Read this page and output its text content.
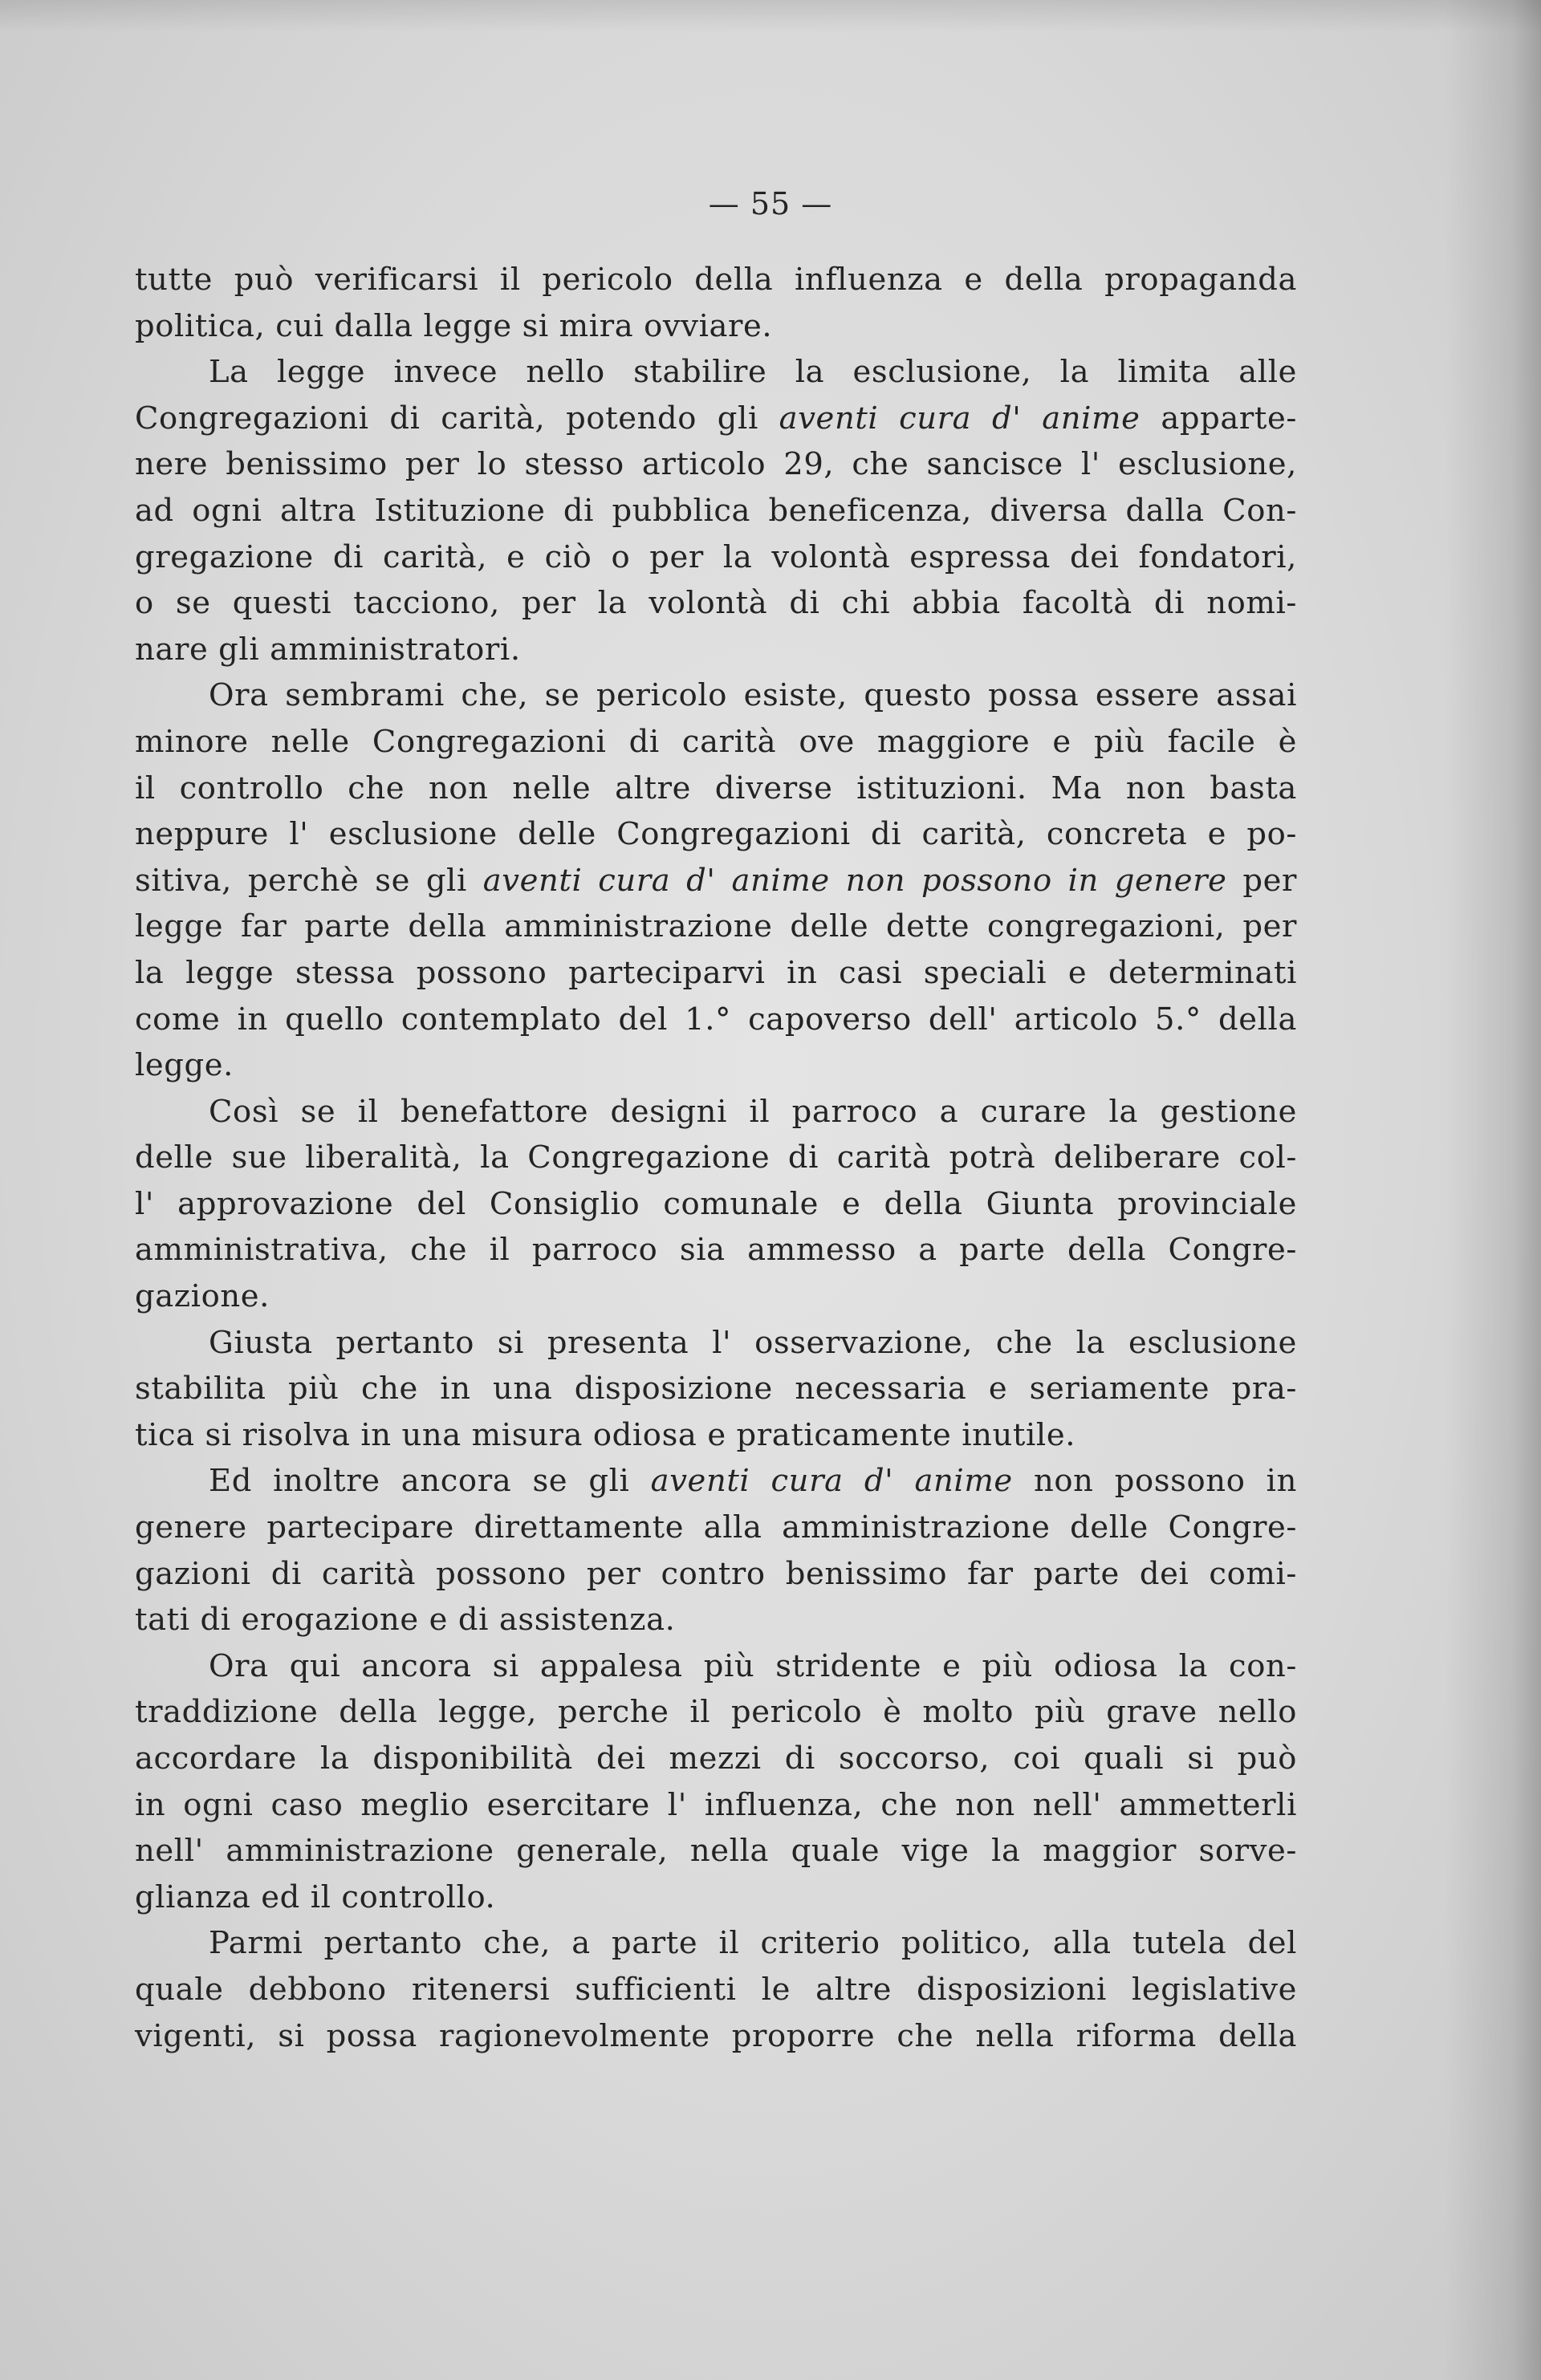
— 55 —
tutte può verificarsi il pericolo della influenza e della propaganda
politica, cui dalla legge si mira ovviare.
La legge invece nello stabilire la esclusione, la limita alle
Congregazioni di carità, potendo gli aventi cura d' anime apparte-
nere benissimo per lo stesso articolo 29, che sancisce l' esclusione,
ad ogni altra Istituzione di pubblica beneficenza, diversa dalla Con-
gregazione di carità, e ciò o per la volontà espressa dei fondatori,
o se questi tacciono, per la volontà di chi abbia facoltà di nomi-
nare gli amministratori.
Ora sembrami che, se pericolo esiste, questo possa essere assai
minore nelle Congregazioni di carità ove maggiore e più facile è
il controllo che non nelle altre diverse istituzioni. Ma non basta
neppure l' esclusione delle Congregazioni di carità, concreta e po-
sitiva, perchè se gli aventi cura d' anime non possono in genere per
legge far parte della amministrazione delle dette congregazioni, per
la legge stessa possono parteciparvi in casi speciali e determinati
come in quello contemplato del 1.° capoverso dell' articolo 5.° della
legge.
Così se il benefattore designi il parroco a curare la gestione
delle sue liberalità, la Congregazione di carità potrà deliberare col-
l' approvazione del Consiglio comunale e della Giunta provinciale
amministrativa, che il parroco sia ammesso a parte della Congre-
gazione.
Giusta pertanto si presenta l' osservazione, che la esclusione
stabilita più che in una disposizione necessaria e seriamente pra-
tica si risolva in una misura odiosa e praticamente inutile.
Ed inoltre ancora se gli aventi cura d' anime non possono in
genere partecipare direttamente alla amministrazione delle Congre-
gazioni di carità possono per contro benissimo far parte dei comi-
tati di erogazione e di assistenza.
Ora qui ancora si appalesa più stridente e più odiosa la con-
traddizione della legge, perche il pericolo è molto più grave nello
accordare la disponibilità dei mezzi di soccorso, coi quali si può
in ogni caso meglio esercitare l' influenza, che non nell' ammetterli
nell' amministrazione generale, nella quale vige la maggior sorve-
glianza ed il controllo.
Parmi pertanto che, a parte il criterio politico, alla tutela del
quale debbono ritenersi sufficienti le altre disposizioni legislative
vigenti, si possa ragionevolmente proporre che nella riforma della
